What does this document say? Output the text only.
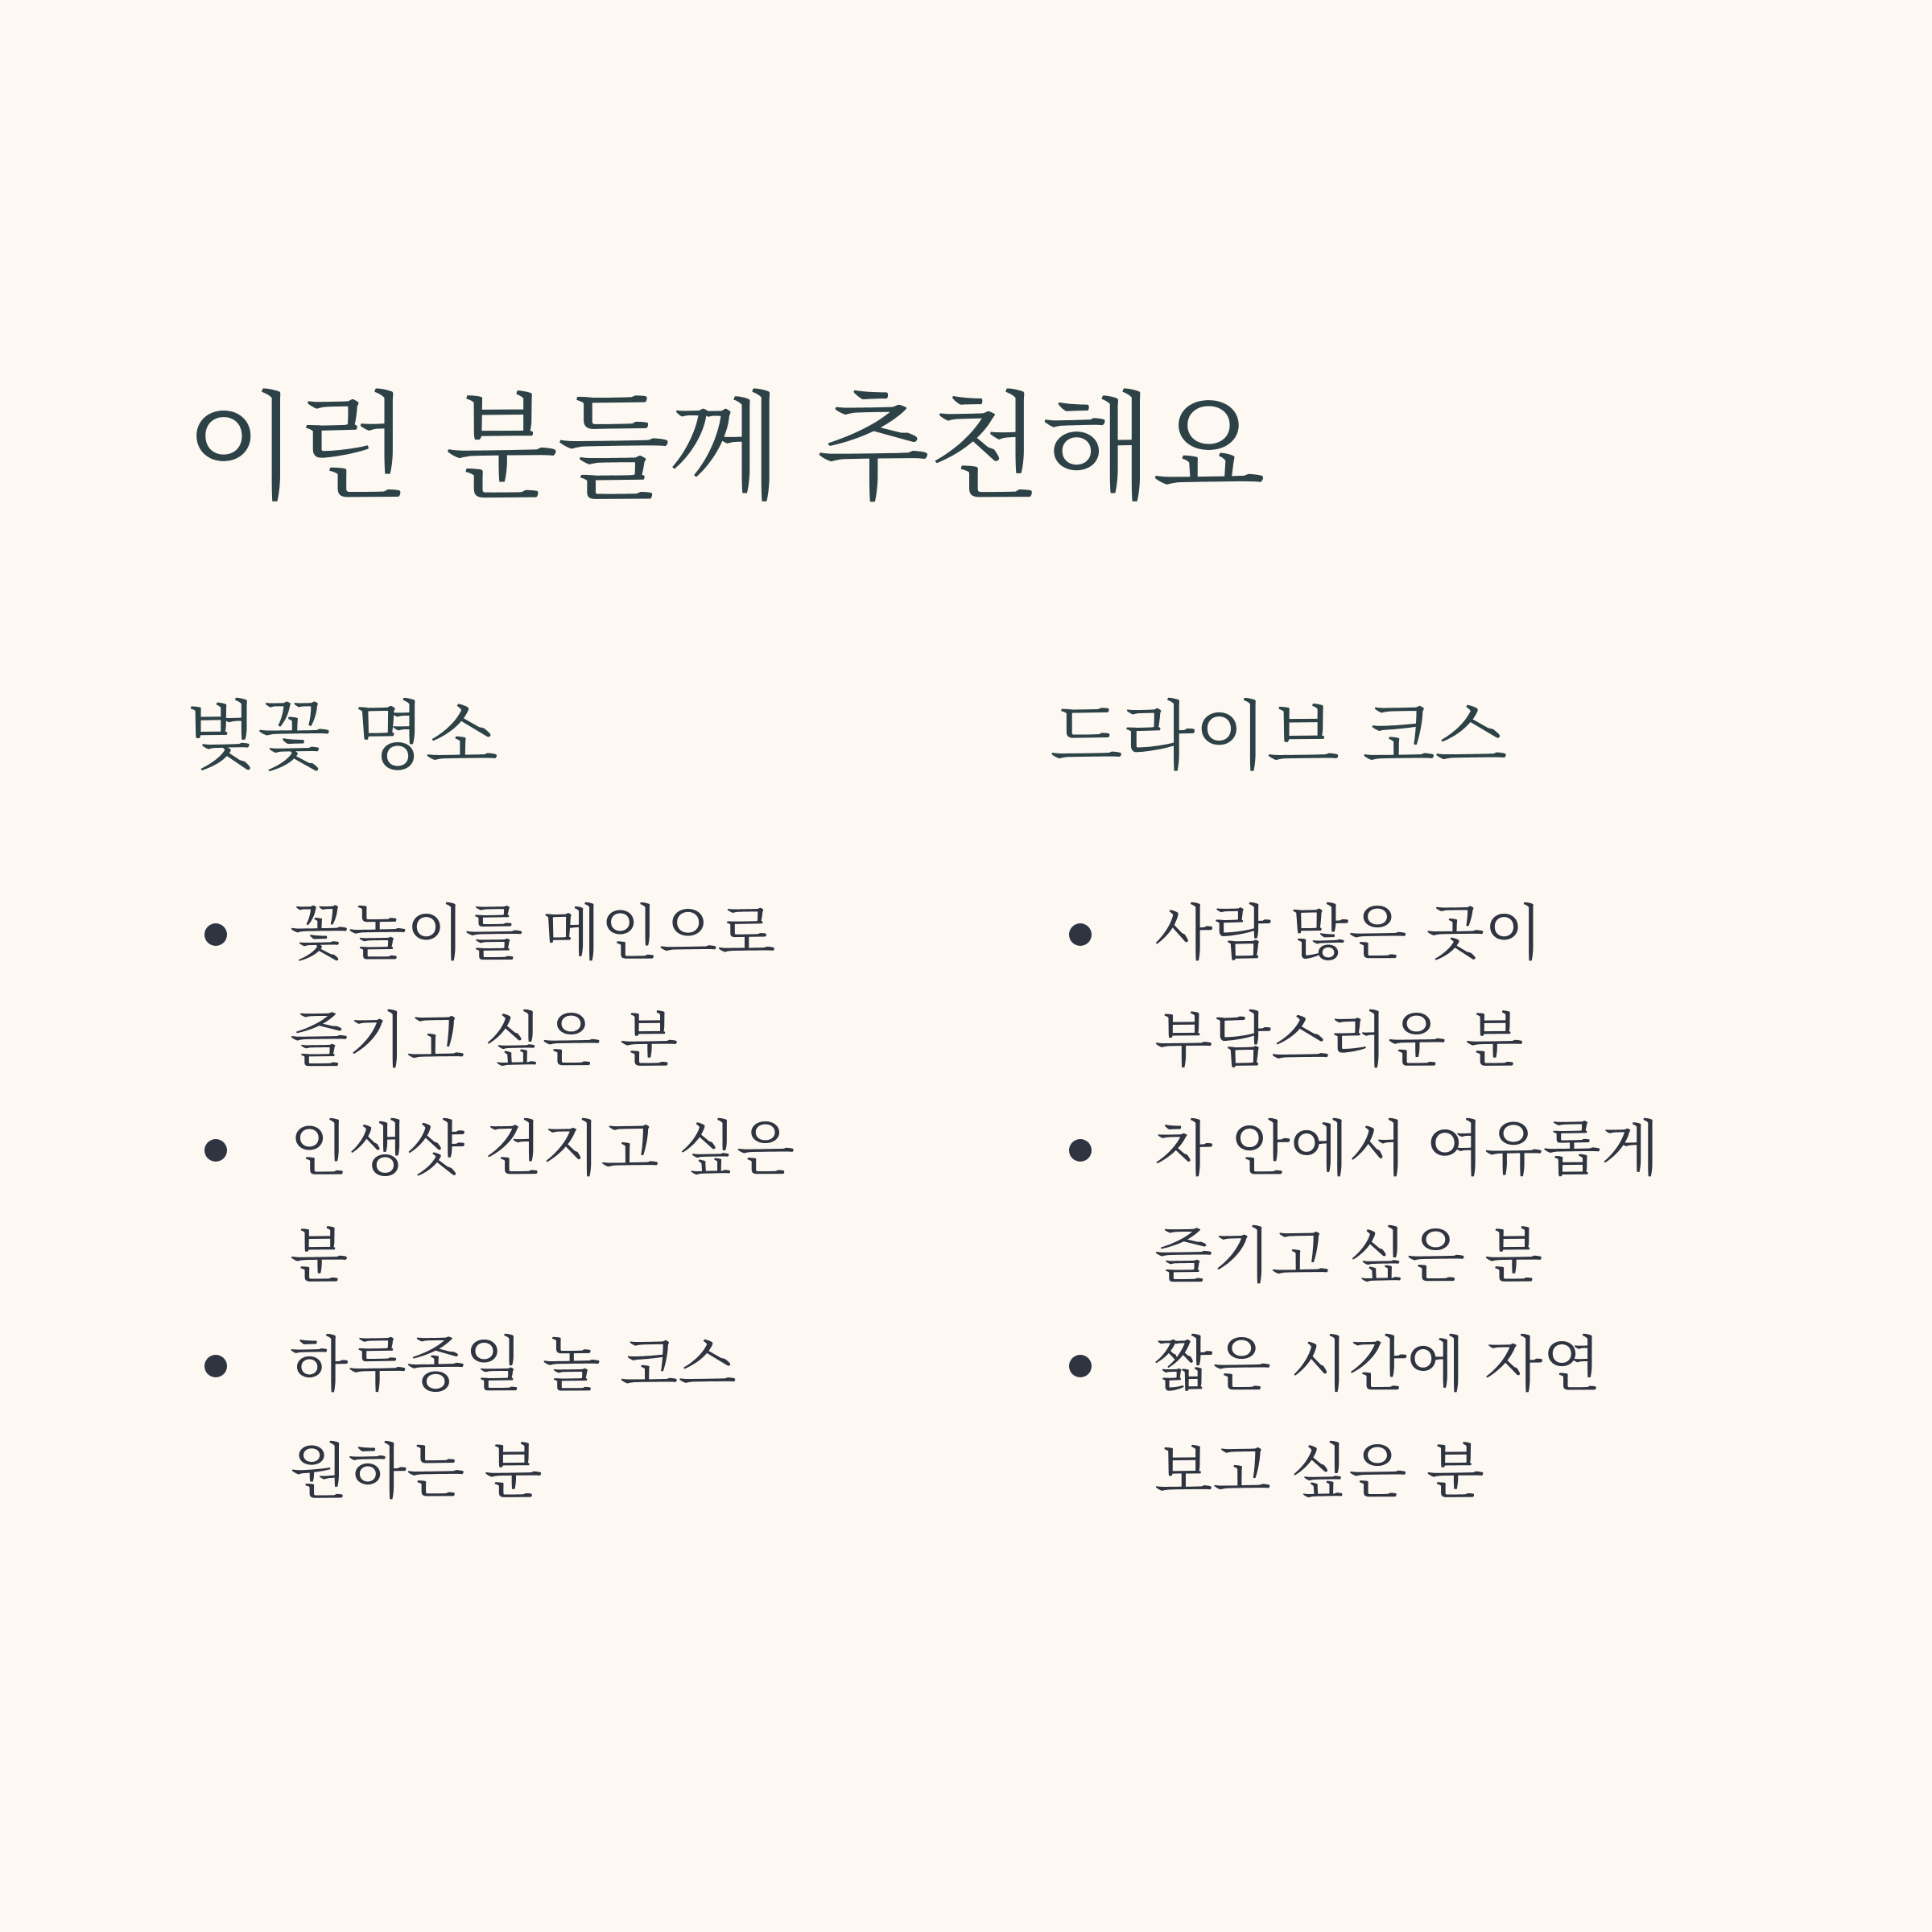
이런 분들께 추천해요
벚꽃 명소
꽃놀이를 메인으로 즐기고 싶은 분
인생샷 건지고 싶은 분
하루종일 놀 코스 원하는 분
드라이브 코스
사람 많은 곳이 부담스러운 분
차 안에서 여유롭게 즐기고 싶은 분
짧은 시간에 자연 보고 싶은 분
